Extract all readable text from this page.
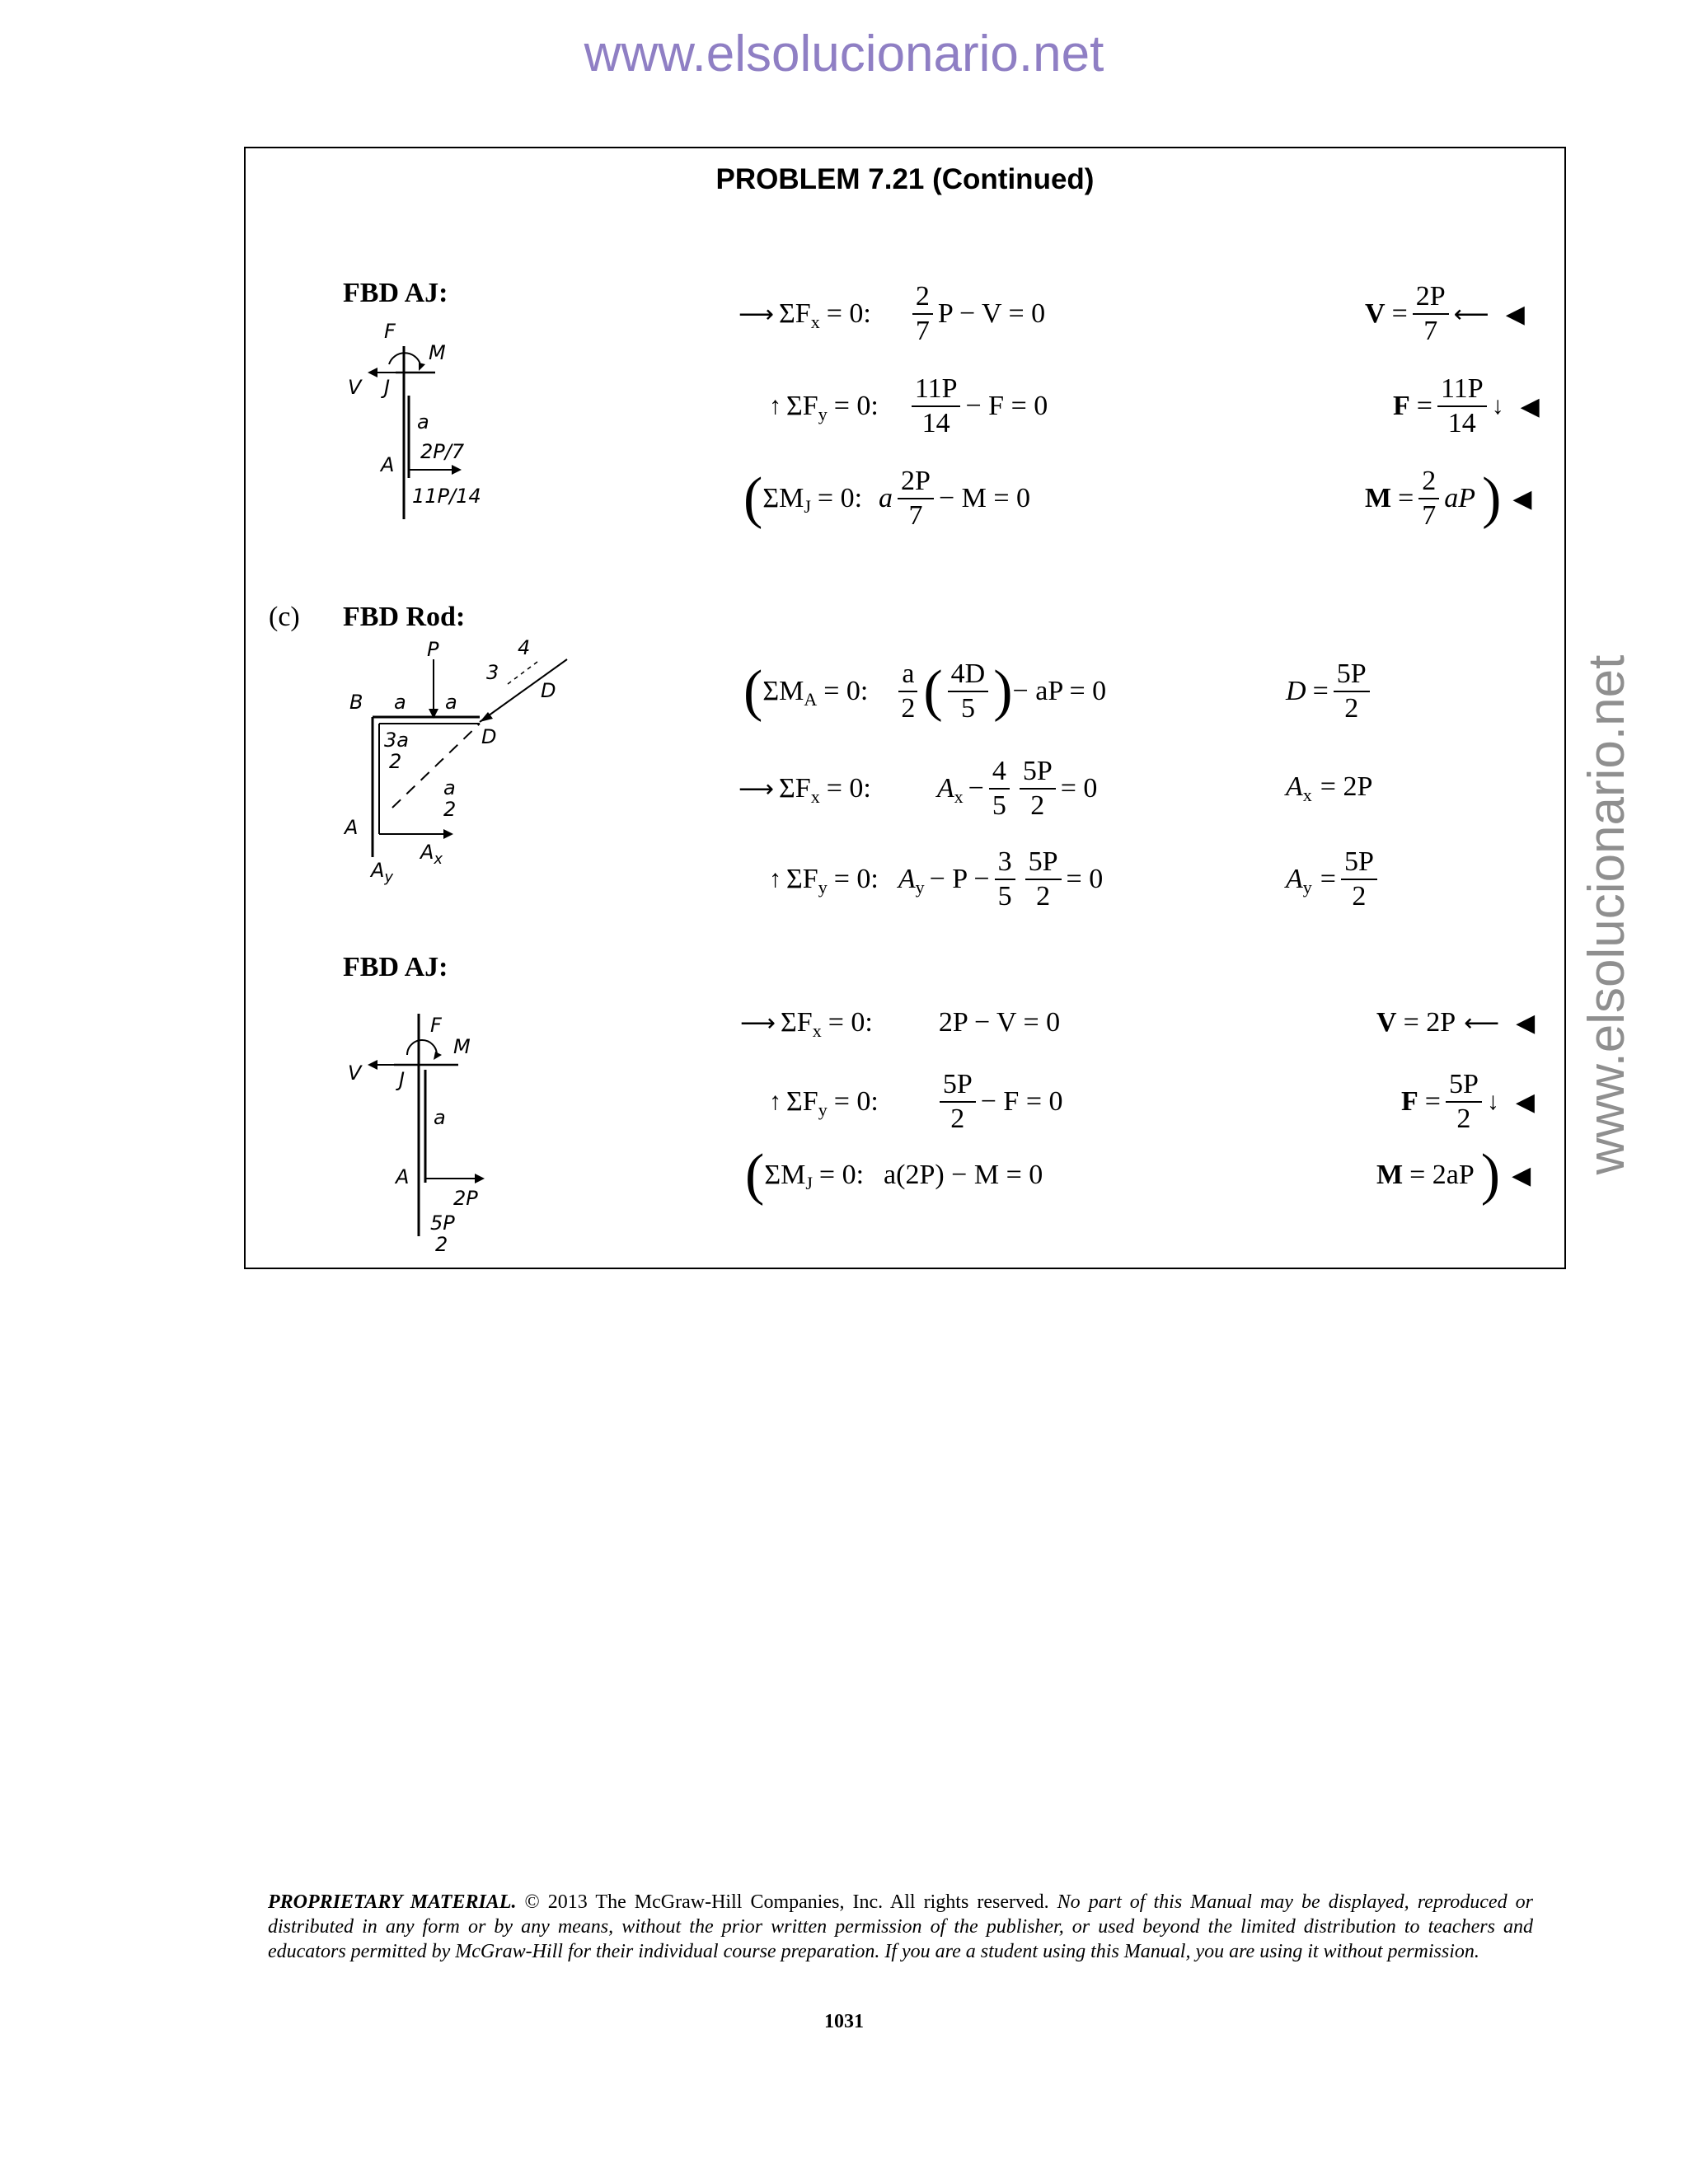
www.elsolucionario.net
www.elsolucionario.net
PROBLEM 7.21 (Continued)
FBD AJ:
F
M
V J
a
A
2P/7
11P/14
⟶ ΣF x = 0: $\frac{2}{7}$ P − V = 0
↑ ΣF y = 0: $\frac{11P}{14} - F = 0$
( ΣM J = 0: a $\frac{2P}{7} - M = 0$
$V = \frac{2P}{7}$ ⟵ ◀
$F = \frac{11P}{14}$ ↓ ◀
$M = \frac{2}{7}$ aP ) ◀
(c) FBD Rod:
P
B a a
3
4
D
D
3a
2
a
2
A
$A_x$
$A_y$
( ΣM A = 0: $\frac{a}{2}$ ( $\frac{4D}{5}$ ) − aP = 0
⟶ ΣF x = 0: A $x - \frac{4}{5} \frac{5P}{2} = 0$
↑ ΣF y = 0: A $y - P - \frac{3}{5} \frac{5P}{2} = 0$
$D = \frac{5P}{2}$
A x = 2P
A $y = \frac{5P}{2}$
FBD AJ:
F
M
V J
a
A
2P
5P
2
⟶ ΣF x = 0: 2P − V = 0
↑ ΣF y = 0: $\frac{5P}{2} - F = 0$
( ΣM J = 0: a(2P) − M = 0
V = 2P ⟵ ◀
$F = \frac{5P}{2}$ ↓ ◀
M = 2aP ) ◀
PROPRIETARY MATERIAL. © 2013 The McGraw-Hill Companies, Inc. All rights reserved. No part of this Manual may be displayed, reproduced or distributed in any form or by any means, without the prior written permission of the publisher, or used beyond the limited distribution to teachers and educators permitted by McGraw-Hill for their individual course preparation. If you are a student using this Manual, you are using it without permission.
1031
